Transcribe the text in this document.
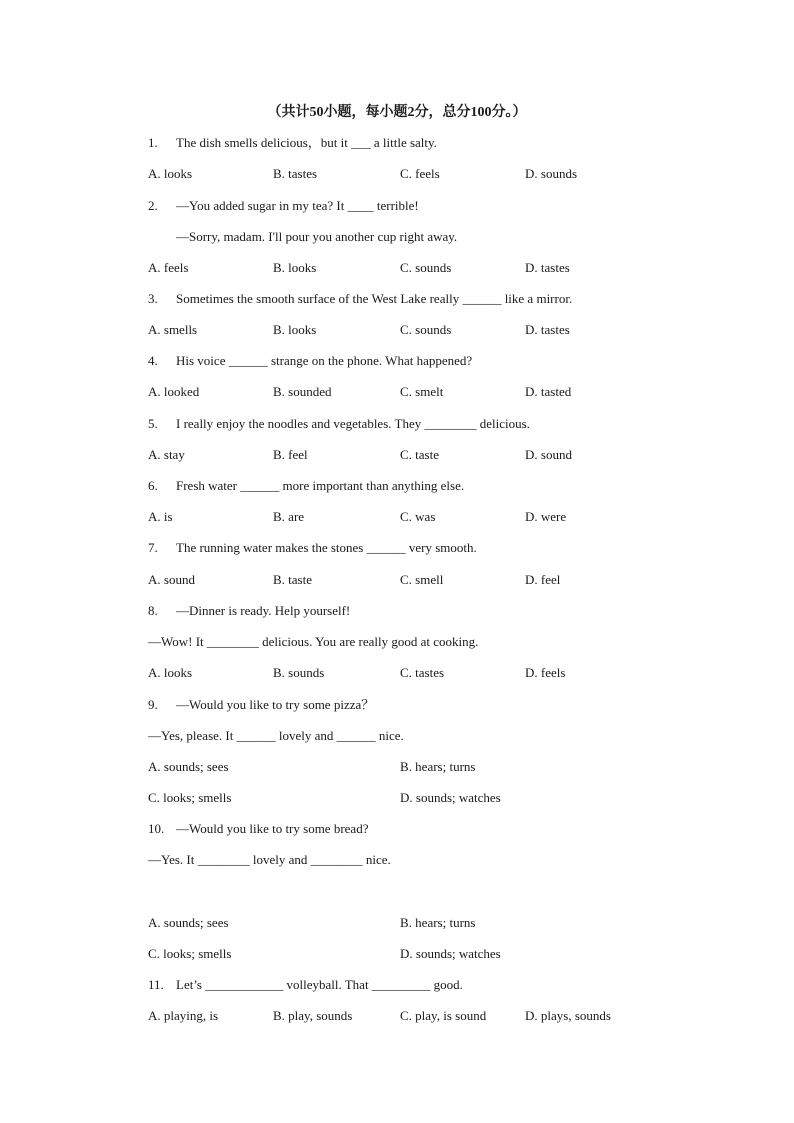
（共计50小题，每小题2分，总分100分。）
1. The dish smells delicious，but it ___ a little salty.
A. looks	B. tastes	C. feels	D. sounds
2. —You added sugar in my tea? It ____ terrible!
—Sorry, madam. I'll pour you another cup right away.
A. feels	B. looks	C. sounds	D. tastes
3. Sometimes the smooth surface of the West Lake really ______ like a mirror.
A. smells	B. looks	C. sounds	D. tastes
4. His voice ______ strange on the phone. What happened?
A. looked	B. sounded	C. smelt	D. tasted
5. I really enjoy the noodles and vegetables. They ________ delicious.
A. stay	B. feel	C. taste	D. sound
6. Fresh water ______ more important than anything else.
A. is	B. are	C. was	D. were
7. The running water makes the stones ______ very smooth.
A. sound	B. taste	C. smell	D. feel
8. —Dinner is ready. Help yourself!
—Wow! It ________ delicious. You are really good at cooking.
A. looks	B. sounds	C. tastes	D. feels
9. —Would you like to try some pizza？
—Yes, please. It ______ lovely and ______ nice.
A. sounds; sees	B. hears; turns
C. looks; smells	D. sounds; watches
10. —Would you like to try some bread?
—Yes. It ________ lovely and ________ nice.
A. sounds; sees	B. hears; turns
C. looks; smells	D. sounds; watches
11. Let’s ____________ volleyball. That _________ good.
A. playing, is	B. play, sounds	C. play, is sound	D. plays, sounds
